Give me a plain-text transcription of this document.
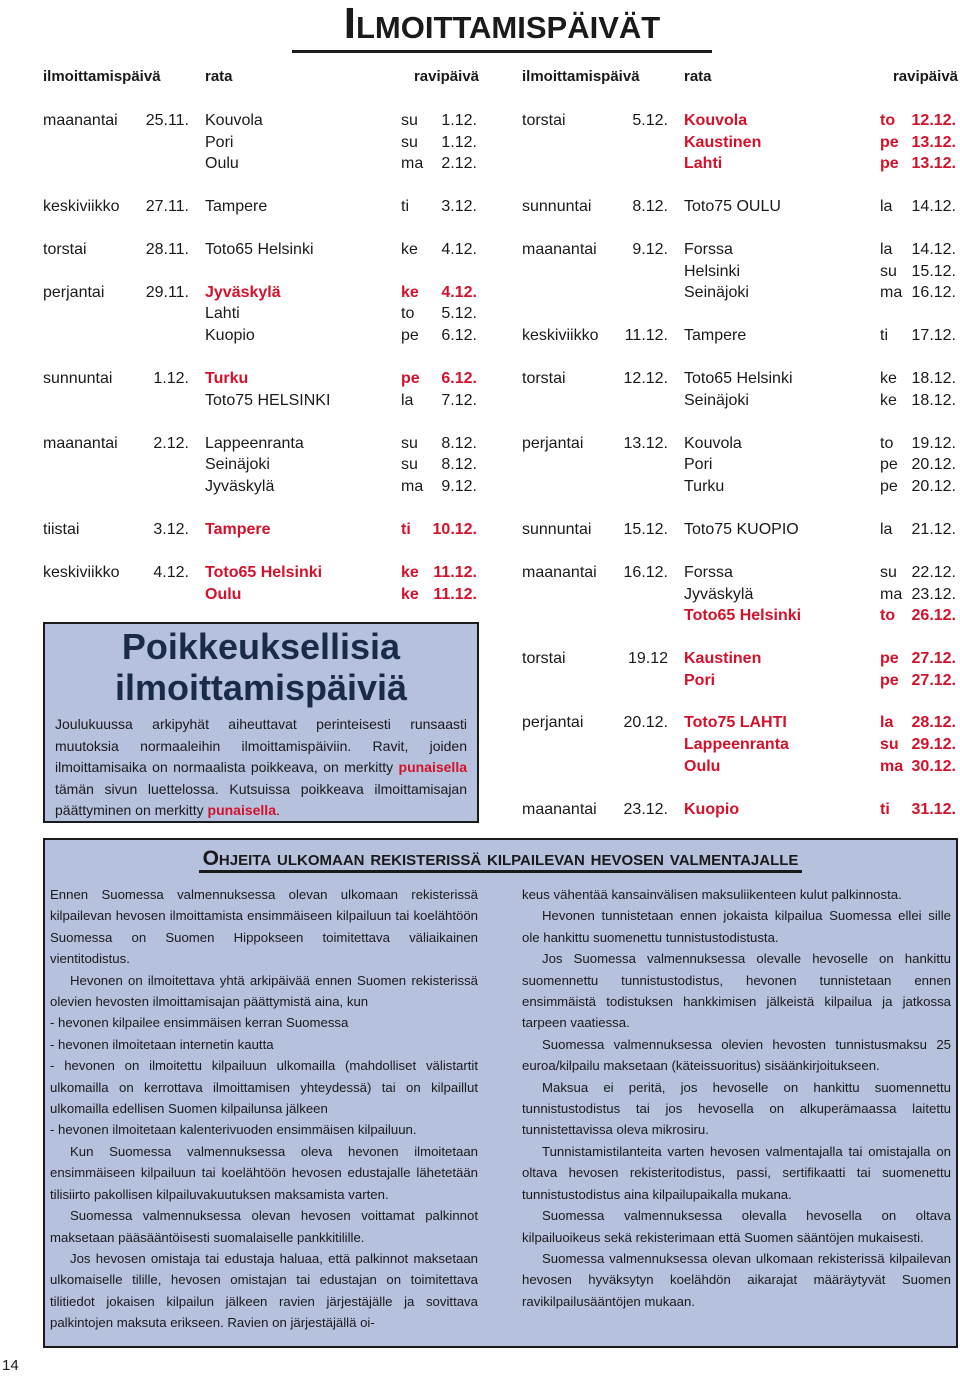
Ilmoittamispäivät
ilmoittamispäivä	rata	ravipäivä	ilmoittamispäivä	rata	ravipäivä
maanantai	25.11. Kouvola	su 1.12.
Pori	su 1.12.
Oulu	ma 2.12.
keskiviikko	27.11. Tampere	ti 3.12.
torstai	28.11. Toto65 Helsinki	ke 4.12.
perjantai	29.11. Jyväskylä	ke 4.12.
Lahti	to 5.12.
Kuopio	pe 6.12.
sunnuntai	1.12. Turku	pe 6.12.
Toto75 HELSINKI	la 7.12.
maanantai	2.12. Lappeenranta	su 8.12.
Seinäjoki	su 8.12.
Jyväskylä	ma 9.12.
tiistai	3.12. Tampere	ti 10.12.
keskiviikko	4.12. Toto65 Helsinki	ke 11.12.
Oulu	ke 11.12.
torstai	5.12. Kouvola	to 12.12.
Kaustinen	pe 13.12.
Lahti	pe 13.12.
sunnuntai	8.12. Toto75 OULU	la 14.12.
maanantai	9.12. Forssa	la 14.12.
Helsinki	su 15.12.
Seinäjoki	ma 16.12.
keskiviikko	11.12. Tampere	ti 17.12.
torstai	12.12. Toto65 Helsinki	ke 18.12.
Seinäjoki	ke 18.12.
perjantai	13.12. Kouvola	to 19.12.
Pori	pe 20.12.
Turku	pe 20.12.
sunnuntai	15.12. Toto75 KUOPIO	la 21.12.
maanantai	16.12. Forssa	su 22.12.
Jyväskylä	ma 23.12.
Toto65 Helsinki	to 26.12.
torstai	19.12 Kaustinen	pe 27.12.
Pori	pe 27.12.
perjantai	20.12. Toto75 LAHTI	la 28.12.
Lappeenranta	su 29.12.
Oulu	ma 30.12.
maanantai	23.12. Kuopio	ti 31.12.
Poikkeuksellisia
ilmoittamispäiviä

Joulukuussa arkipyhät aiheuttavat perinteisesti runsaasti muutoksia normaaleihin ilmoittamispäiviin. Ravit, joiden ilmoittamisaika on normaalista poikkeava, on merkitty punaisella tämän sivun luettelossa. Kutsuissa poikkeava ilmoittamisajan päättyminen on merkitty punaisella.

Ohjeita ulkomaan rekisterissä kilpailevan hevosen valmentajalle

Ennen Suomessa valmennuksessa olevan ulkomaan rekisterissä kilpailevan hevosen ilmoittamista ensimmäiseen kilpailuun tai koelähtöön Suomessa on Suomen Hippokseen toimitettava väliaikainen vientitodistus.

Hevonen on ilmoitettava yhtä arkipäivää ennen Suomen rekisterissä olevien hevosten ilmoittamisajan päättymistä aina, kun

- hevonen kilpailee ensimmäisen kerran Suomessa

- hevonen ilmoitetaan internetin kautta

- hevonen on ilmoitettu kilpailuun ulkomailla (mahdolliset välistartit ulkomailla on kerrottava ilmoittamisen yhteydessä) tai on kilpaillut ulkomailla edellisen Suomen kilpailunsa jälkeen

- hevonen ilmoitetaan kalenterivuoden ensimmäisen kilpailuun.

Kun Suomessa valmennuksessa oleva hevonen ilmoitetaan ensimmäiseen kilpailuun tai koelähtöön hevosen edustajalle lähetetään tilisiirto pakollisen kilpailuvakuutuksen maksamista varten.

Suomessa valmennuksessa olevan hevosen voittamat palkinnot maksetaan pääsääntöisesti suomalaiselle pankkitilille.

Jos hevosen omistaja tai edustaja haluaa, että palkinnot maksetaan ulkomaiselle tilille, hevosen omistajan tai edustajan on toimitettava tilitiedot jokaisen kilpailun jälkeen ravien järjestäjälle ja sovittava palkintojen maksuta erikseen. Ravien on järjestäjällä oi-

keus vähentää kansainvälisen maksuliikenteen kulut palkinnosta.

Hevonen tunnistetaan ennen jokaista kilpailua Suomessa ellei sille ole hankittu suomenettu tunnistustodistusta.

Jos Suomessa valmennuksessa olevalle hevoselle on hankittu suomennettu tunnistustodistus, hevonen tunnistetaan ennen ensimmäistä todistuksen hankkimisen jälkeistä kilpailua ja jatkossa tarpeen vaatiessa.

Suomessa valmennuksessa olevien hevosten tunnistusmaksu 25 euroa/kilpailu maksetaan (käteissuoritus) sisäänkirjoitukseen.

Maksua ei peritä, jos hevoselle on hankittu suomennettu tunnistustodistus tai jos hevosella on alkuperämaassa laitettu tunnistettavissa oleva mikrosiru.

Tunnistamistilanteita varten hevosen valmentajalla tai omistajalla on oltava hevosen rekisteritodistus, passi, sertifikaatti tai suomenettu tunnistustodistus aina kilpailupaikalla mukana.

Suomessa valmennuksessa olevalla hevosella on oltava kilpailuoikeus sekä rekisterimaan että Suomen sääntöjen mukaisesti.

Suomessa valmennuksessa olevan ulkomaan rekisterissä kilpailevan hevosen hyväksytyn koelähdön aikarajat määräytyvät Suomen ravikilpailusääntöjen mukaan.

14
